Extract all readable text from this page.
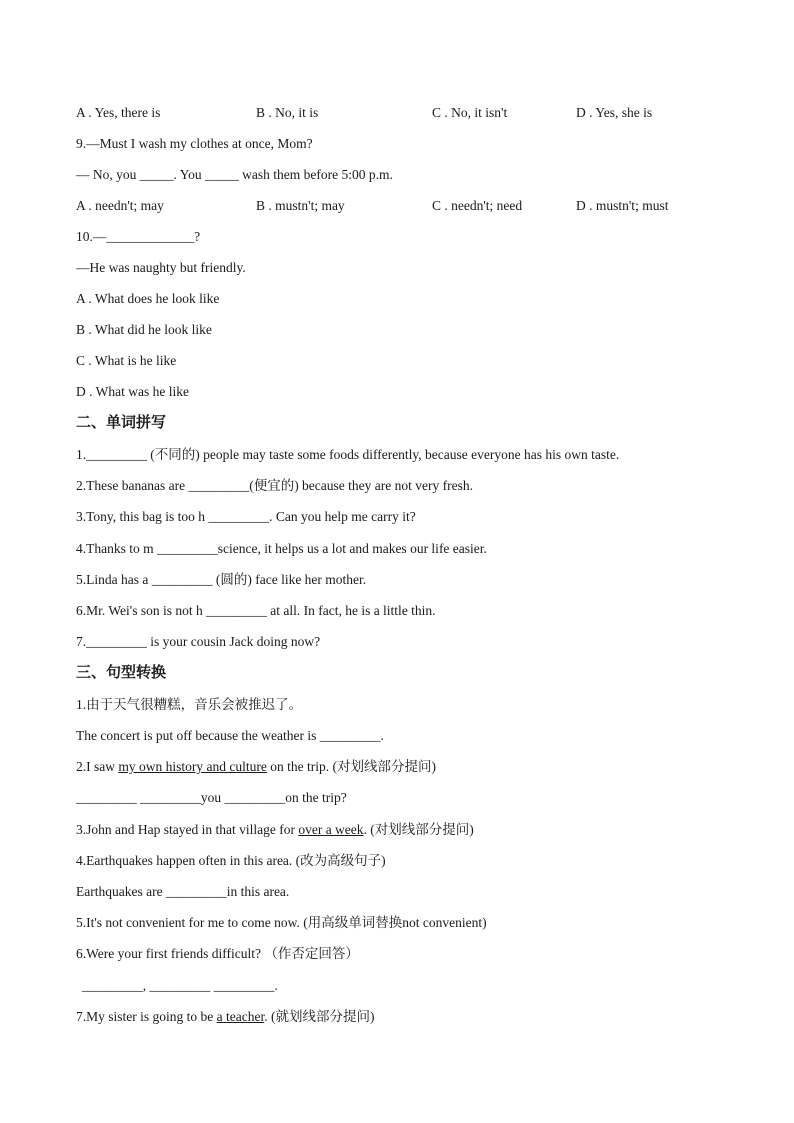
A . Yes, there is	B . No, it is	C . No, it isn't	D . Yes, she is
9.—Must I wash my clothes at once, Mom?
— No, you _____. You _____ wash them before 5:00 p.m.
A . needn't; may	B . mustn't; may	C . needn't; need	D . mustn't; must
10.—_____________?
—He was naughty but friendly.
A . What does he look like
B . What did he look like
C . What is he like
D . What was he like
二、单词拼写
1._________ (不同的) people may taste some foods differently, because everyone has his own taste.
2.These bananas are _________(便宜的) because they are not very fresh.
3.Tony, this bag is too h _________. Can you help me carry it?
4.Thanks to m _________science, it helps us a lot and makes our life easier.
5.Linda has a _________ (圆的) face like her mother.
6.Mr. Wei's son is not h _________ at all. In fact, he is a little thin.
7._________ is your cousin Jack doing now?
三、句型转换
1.由于天气很糟糕，音乐会被推迟了。
The concert is put off because the weather is _________.
2.I saw my own history and culture on the trip. (对划线部分提问)
_________ _________you _________on the trip?
3.John and Hap stayed in that village for over a week. (对划线部分提问)
4.Earthquakes happen often in this area. (改为高级句子)
Earthquakes are _________in this area.
5.It's not convenient for me to come now. (用高级单词替换not convenient)
6.Were your first friends difficult? （作否定回答）
_________, _________ _________.
7.My sister is going to be a teacher. (就划线部分提问)
